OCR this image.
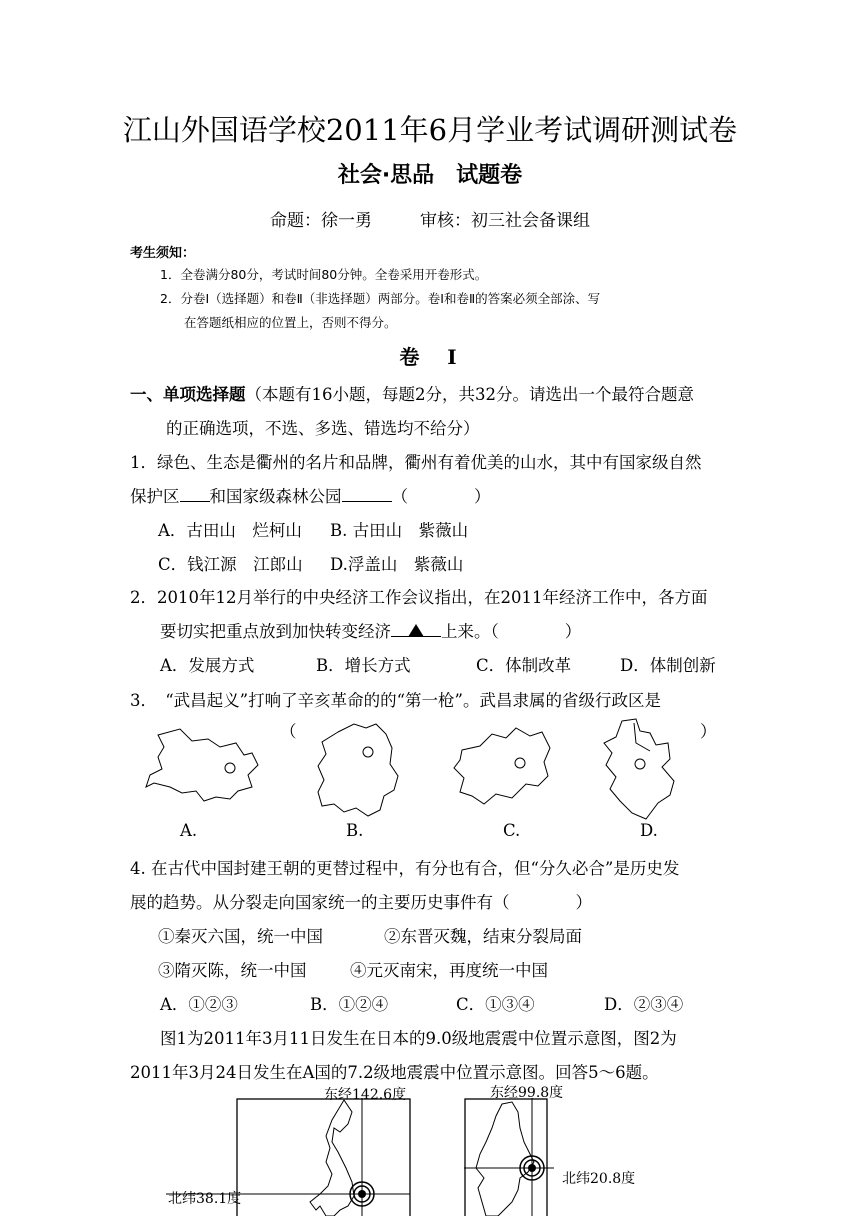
江山外国语学校2011年6月学业考试调研测试卷
社会·思品　试题卷
命题：徐一勇	审核：初三社会备课组
考生须知：
1．全卷满分80分，考试时间80分钟。全卷采用开卷形式。
2．分卷Ⅰ（选择题）和卷Ⅱ（非选择题）两部分。卷Ⅰ和卷Ⅱ的答案必须全部涂、写
在答题纸相应的位置上，否则不得分。
卷　Ⅰ
一、单项选择题（本题有16小题，每题2分，共32分。请选出一个最符合题意
的正确选项，不选、多选、错选均不给分）
1．绿色、生态是衢州的名片和品牌，衢州有着优美的山水，其中有国家级自然
保护区 和国家级森林公园	（　　　　）
A．古田山　烂柯山 B. 古田山　紫薇山
C．钱江源　江郎山 D.浮盖山　紫薇山
2．2010年12月举行的中央经济工作会议指出，在2011年经济工作中，各方面
要切实把重点放到加快转变经济	上来。（　　　　）
A．发展方式	B．增长方式	C．体制改革	D．体制创新
3．　“武昌起义”打响了辛亥革命的的“第一枪”。武昌隶属的省级行政区是
（	）
A.	B.	C.	D.
4. 在古代中国封建王朝的更替过程中，有分也有合，但“分久必合”是历史发
展的趋势。从分裂走向国家统一的主要历史事件有（　　　　）
①秦灭六国，统一中国	②东晋灭魏，结束分裂局面
③隋灭陈，统一中国	④元灭南宋，再度统一中国
A．①②③	B．①②④	C．①③④	D．②③④
图1为2011年3月11日发生在日本的9.0级地震震中位置示意图，图2为
2011年3月24日发生在A国的7.2级地震震中位置示意图。回答5～6题。
东经142.6度
北纬38.1度
东经99.8度
北纬20.8度
